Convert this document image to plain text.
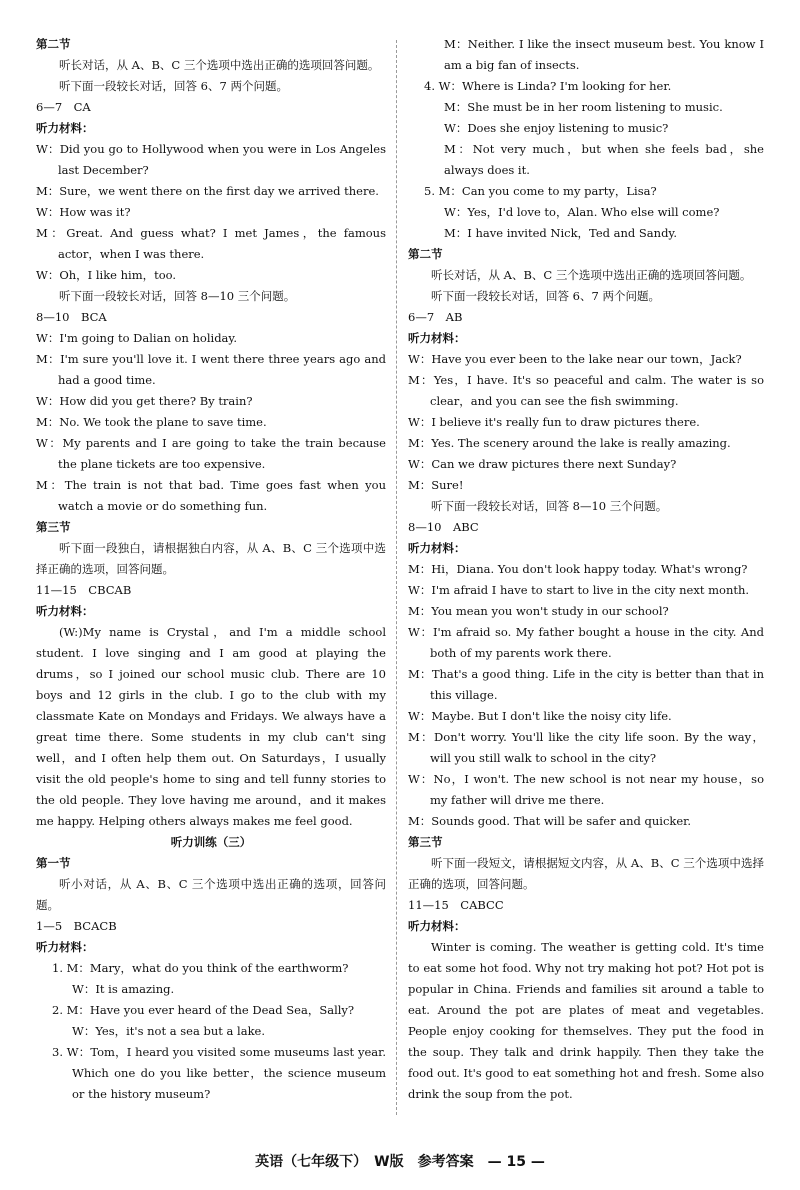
第二节
听长对话，从 A、B、C 三个选项中选出正确的选项回答问题。
听下面一段较长对话，回答 6、7 两个问题。
6—7　CA
听力材料：
W：Did you go to Hollywood when you were in Los Angeles last December?
M：Sure，we went there on the first day we arrived there.
W：How was it?
M：Great. And guess what? I met James，the famous actor，when I was there.
W：Oh，I like him，too.
听下面一段较长对话，回答 8—10 三个问题。
8—10　BCA
W：I'm going to Dalian on holiday.
M：I'm sure you'll love it. I went there three years ago and had a good time.
W：How did you get there? By train?
M：No. We took the plane to save time.
W：My parents and I are going to take the train because the plane tickets are too expensive.
M：The train is not that bad. Time goes fast when you watch a movie or do something fun.
第三节
听下面一段独白，请根据独白内容，从 A、B、C 三个选项中选择正确的选项，回答问题。
11—15　CBCAB
听力材料：
(W:)My name is Crystal，and I'm a middle school student. I love singing and I am good at playing the drums，so I joined our school music club. There are 10 boys and 12 girls in the club. I go to the club with my classmate Kate on Mondays and Fridays. We always have a great time there. Some students in my club can't sing well，and I often help them out. On Saturdays，I usually visit the old people's home to sing and tell funny stories to the old people. They love having me around，and it makes me happy. Helping others always makes me feel good.
听力训练（三）
第一节
听小对话，从 A、B、C 三个选项中选出正确的选项，回答问题。
1—5　BCACB
听力材料：
1. M：Mary，what do you think of the earthworm?
W：It is amazing.
2. M：Have you ever heard of the Dead Sea，Sally?
W：Yes，it's not a sea but a lake.
3. W：Tom，I heard you visited some museums last year. Which one do you like better，the science museum or the history museum?
M：Neither. I like the insect museum best. You know I am a big fan of insects.
4. W：Where is Linda? I'm looking for her.
M：She must be in her room listening to music.
W：Does she enjoy listening to music?
M：Not very much，but when she feels bad，she always does it.
5. M：Can you come to my party，Lisa?
W：Yes，I'd love to，Alan. Who else will come?
M：I have invited Nick，Ted and Sandy.
第二节
听长对话，从 A、B、C 三个选项中选出正确的选项回答问题。
听下面一段较长对话，回答 6、7 两个问题。
6—7　AB
听力材料：
W：Have you ever been to the lake near our town，Jack?
M：Yes，I have. It's so peaceful and calm. The water is so clear，and you can see the fish swimming.
W：I believe it's really fun to draw pictures there.
M：Yes. The scenery around the lake is really amazing.
W：Can we draw pictures there next Sunday?
M：Sure!
听下面一段较长对话，回答 8—10 三个问题。
8—10　ABC
听力材料：
M：Hi，Diana. You don't look happy today. What's wrong?
W：I'm afraid I have to start to live in the city next month.
M：You mean you won't study in our school?
W：I'm afraid so. My father bought a house in the city. And both of my parents work there.
M：That's a good thing. Life in the city is better than that in this village.
W：Maybe. But I don't like the noisy city life.
M：Don't worry. You'll like the city life soon. By the way，will you still walk to school in the city?
W：No，I won't. The new school is not near my house，so my father will drive me there.
M：Sounds good. That will be safer and quicker.
第三节
听下面一段短文，请根据短文内容，从 A、B、C 三个选项中选择正确的选项，回答问题。
11—15　CABCC
听力材料：
Winter is coming. The weather is getting cold. It's time to eat some hot food. Why not try making hot pot? Hot pot is popular in China. Friends and families sit around a table to eat. Around the pot are plates of meat and vegetables. People enjoy cooking for themselves. They put the food in the soup. They talk and drink happily. Then they take the food out. It's good to eat something hot and fresh. Some also drink the soup from the pot.
英语（七年级下）　W版　参考答案　— 15 —
